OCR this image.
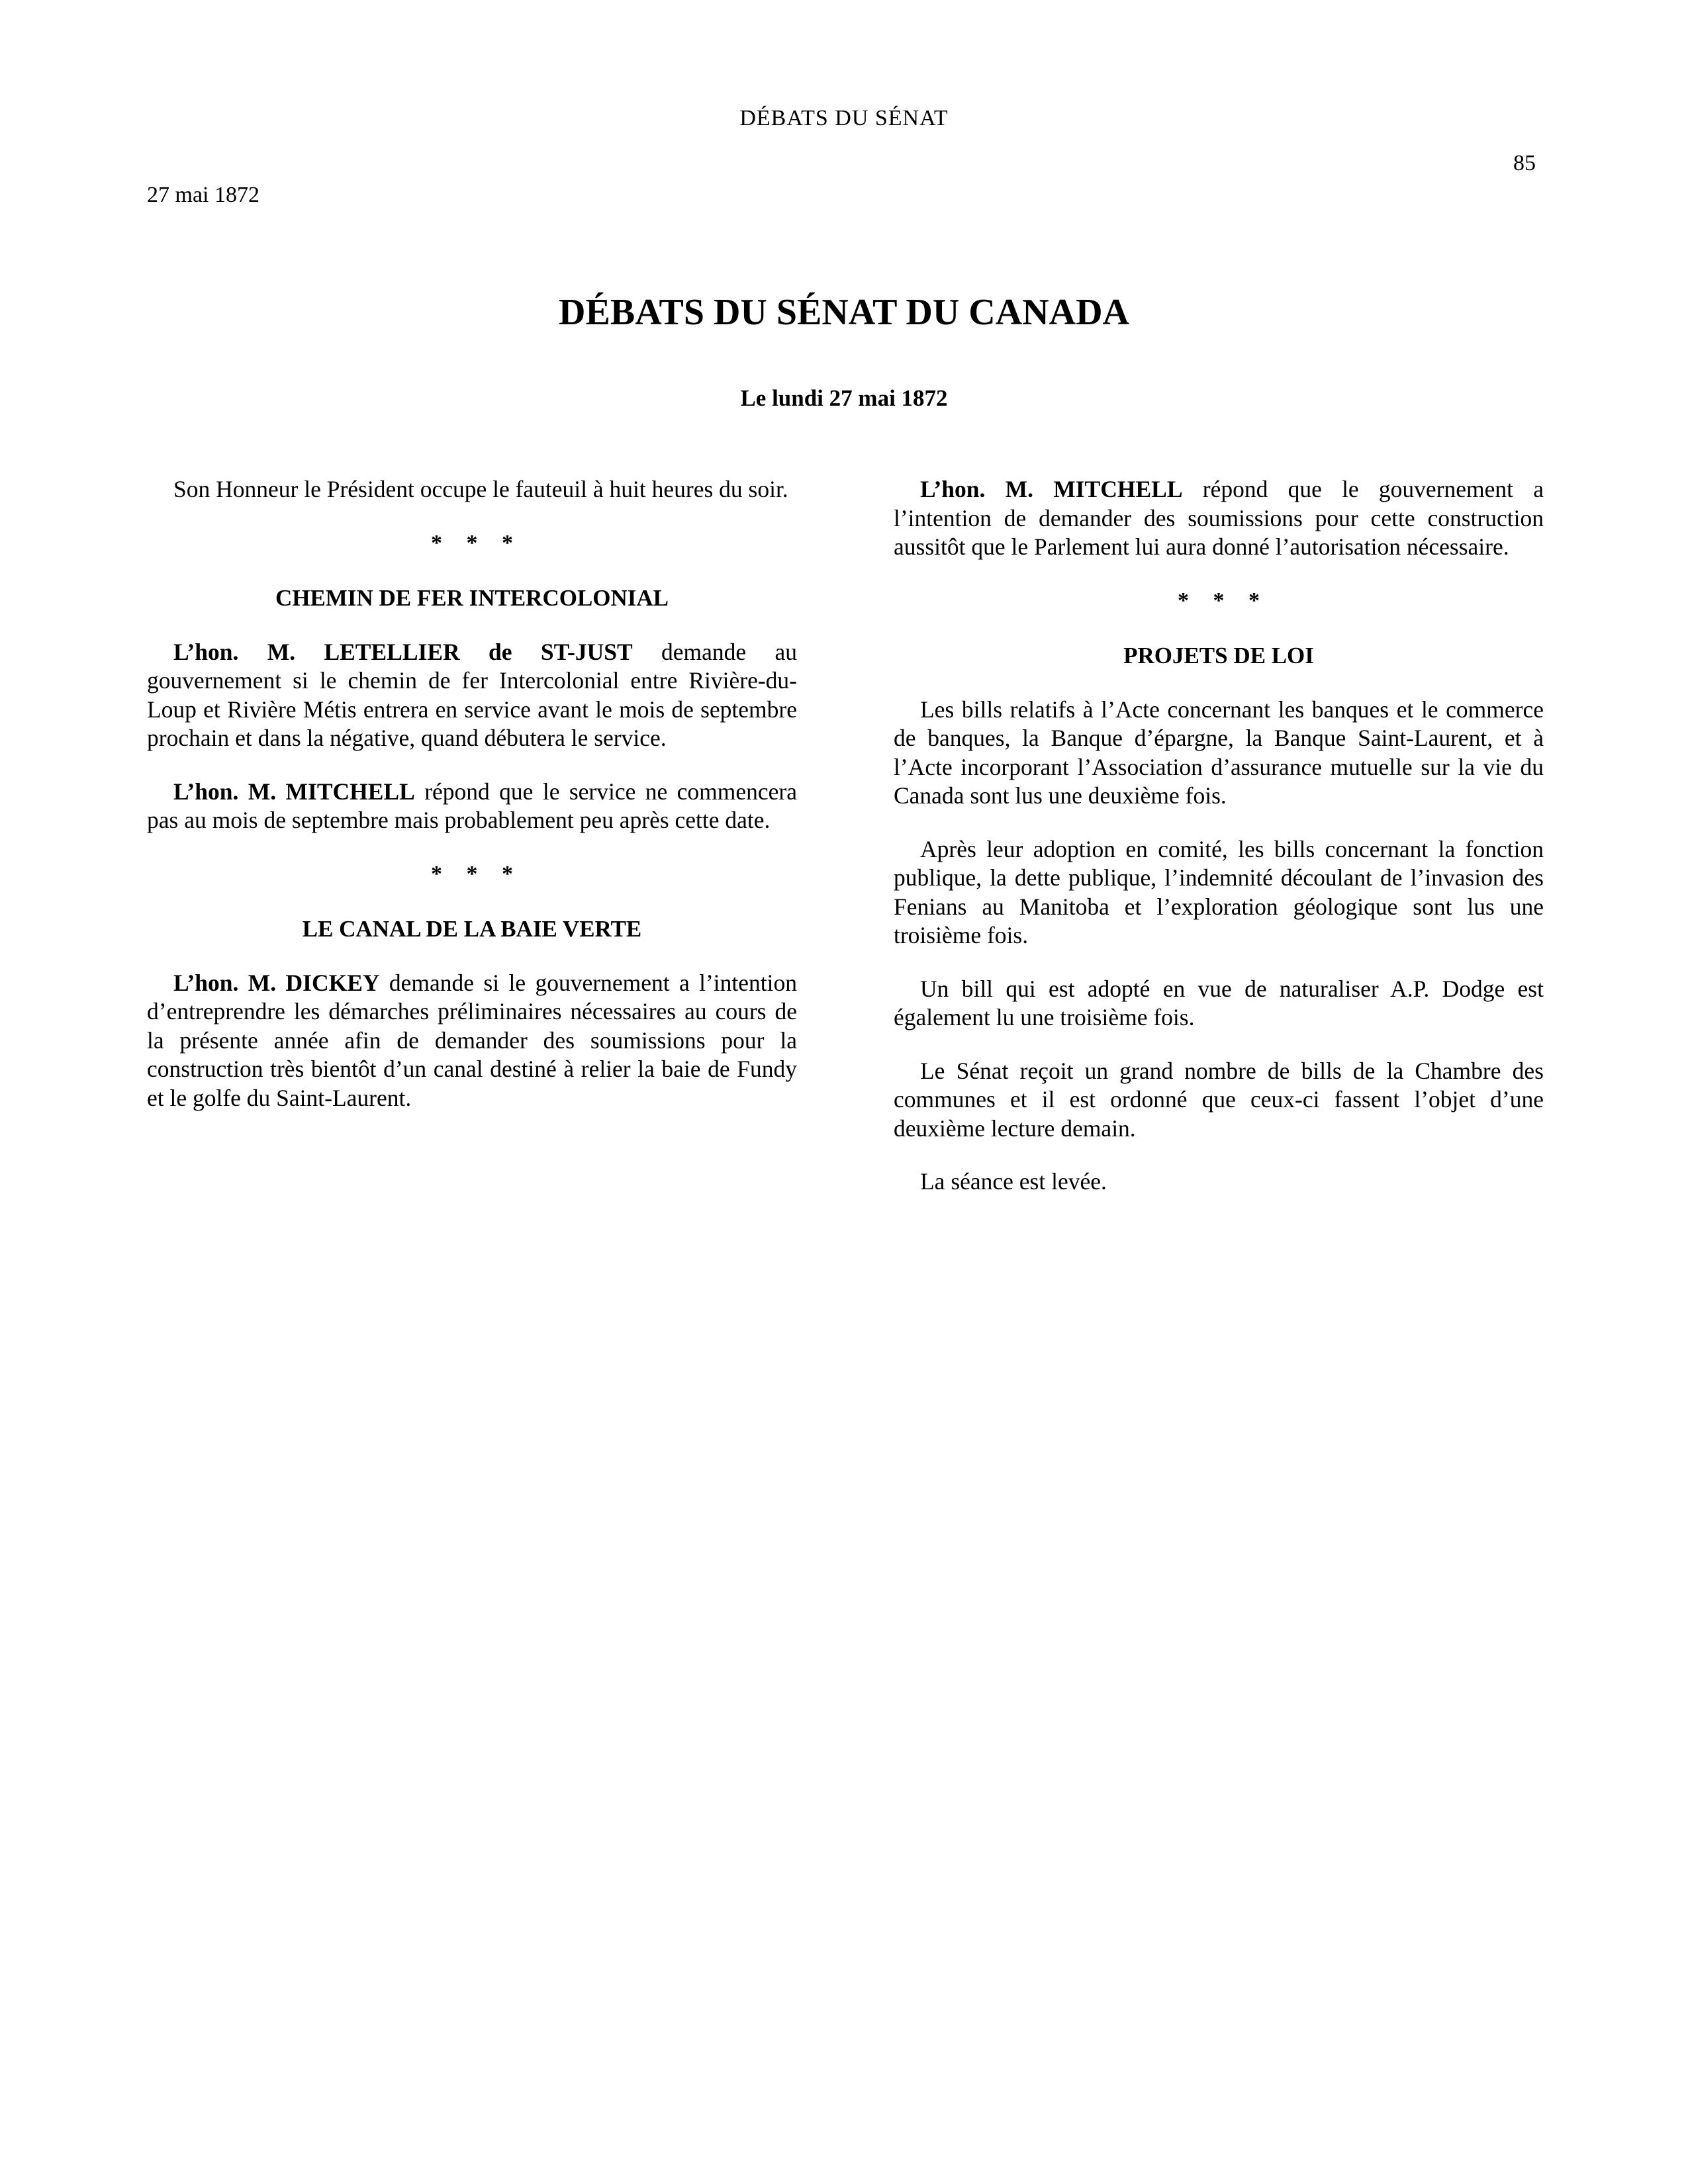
DÉBATS DU SÉNAT
85
27 mai 1872
DÉBATS DU SÉNAT DU CANADA
Le lundi 27 mai 1872

Son Honneur le Président occupe le fauteuil à huit heures du soir.

* * *
CHEMIN DE FER INTERCOLONIAL

L’hon. M. LETELLIER de ST-JUST demande au gouvernement si le chemin de fer Intercolonial entre Rivière-du-Loup et Rivière Métis entrera en service avant le mois de septembre prochain et dans la négative, quand débutera le service.

L’hon. M. MITCHELL répond que le service ne commencera pas au mois de septembre mais probablement peu après cette date.

* * *
LE CANAL DE LA BAIE VERTE

L’hon. M. DICKEY demande si le gouvernement a l’intention d’entreprendre les démarches préliminaires nécessaires au cours de la présente année afin de demander des soumissions pour la construction très bientôt d’un canal destiné à relier la baie de Fundy et le golfe du Saint-Laurent.

L’hon. M. MITCHELL répond que le gouvernement a l’intention de demander des soumissions pour cette construction aussitôt que le Parlement lui aura donné l’autorisation nécessaire.

* * *
PROJETS DE LOI

Les bills relatifs à l’Acte concernant les banques et le commerce de banques, la Banque d’épargne, la Banque Saint-Laurent, et à l’Acte incorporant l’Association d’assurance mutuelle sur la vie du Canada sont lus une deuxième fois.

Après leur adoption en comité, les bills concernant la fonction publique, la dette publique, l’indemnité découlant de l’invasion des Fenians au Manitoba et l’exploration géologique sont lus une troisième fois.

Un bill qui est adopté en vue de naturaliser A.P. Dodge est également lu une troisième fois.

Le Sénat reçoit un grand nombre de bills de la Chambre des communes et il est ordonné que ceux-ci fassent l’objet d’une deuxième lecture demain.

La séance est levée.
